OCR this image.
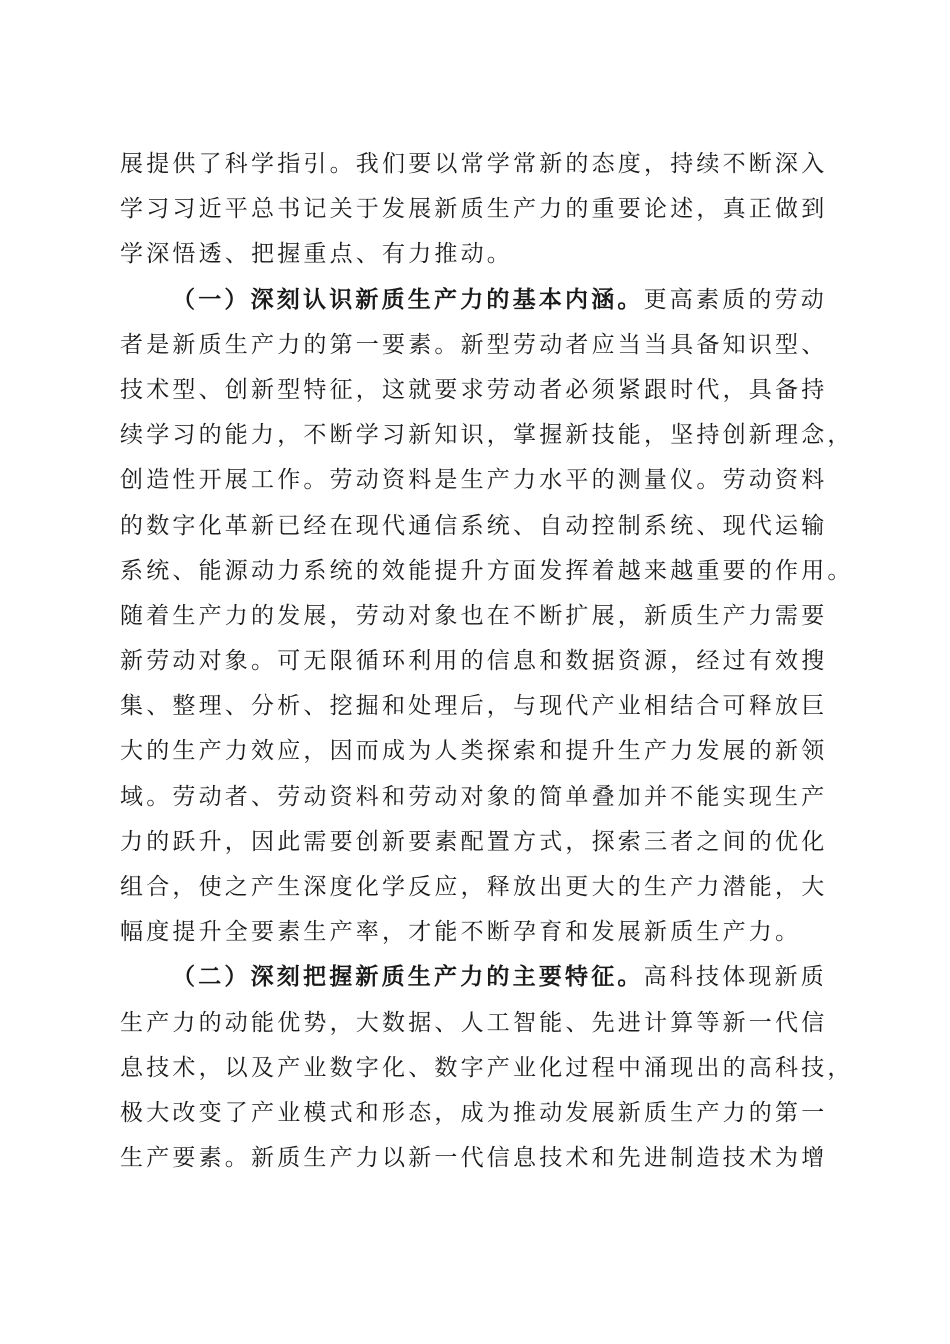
展提供了科学指引。我们要以常学常新的态度，持续不断深入
学习习近平总书记关于发展新质生产力的重要论述，真正做到
学深悟透、把握重点、有力推动。
（一）深刻认识新质生产力的基本内涵。更高素质的劳动
者是新质生产力的第一要素。新型劳动者应当当具备知识型、
技术型、创新型特征，这就要求劳动者必须紧跟时代，具备持
续学习的能力，不断学习新知识，掌握新技能，坚持创新理念，
创造性开展工作。劳动资料是生产力水平的测量仪。劳动资料
的数字化革新已经在现代通信系统、自动控制系统、现代运输
系统、能源动力系统的效能提升方面发挥着越来越重要的作用。
随着生产力的发展，劳动对象也在不断扩展，新质生产力需要
新劳动对象。可无限循环利用的信息和数据资源，经过有效搜
集、整理、分析、挖掘和处理后，与现代产业相结合可释放巨
大的生产力效应，因而成为人类探索和提升生产力发展的新领
域。劳动者、劳动资料和劳动对象的简单叠加并不能实现生产
力的跃升，因此需要创新要素配置方式，探索三者之间的优化
组合，使之产生深度化学反应，释放出更大的生产力潜能，大
幅度提升全要素生产率，才能不断孕育和发展新质生产力。
（二）深刻把握新质生产力的主要特征。高科技体现新质
生产力的动能优势，大数据、人工智能、先进计算等新一代信
息技术，以及产业数字化、数字产业化过程中涌现出的高科技，
极大改变了产业模式和形态，成为推动发展新质生产力的第一
生产要素。新质生产力以新一代信息技术和先进制造技术为增
